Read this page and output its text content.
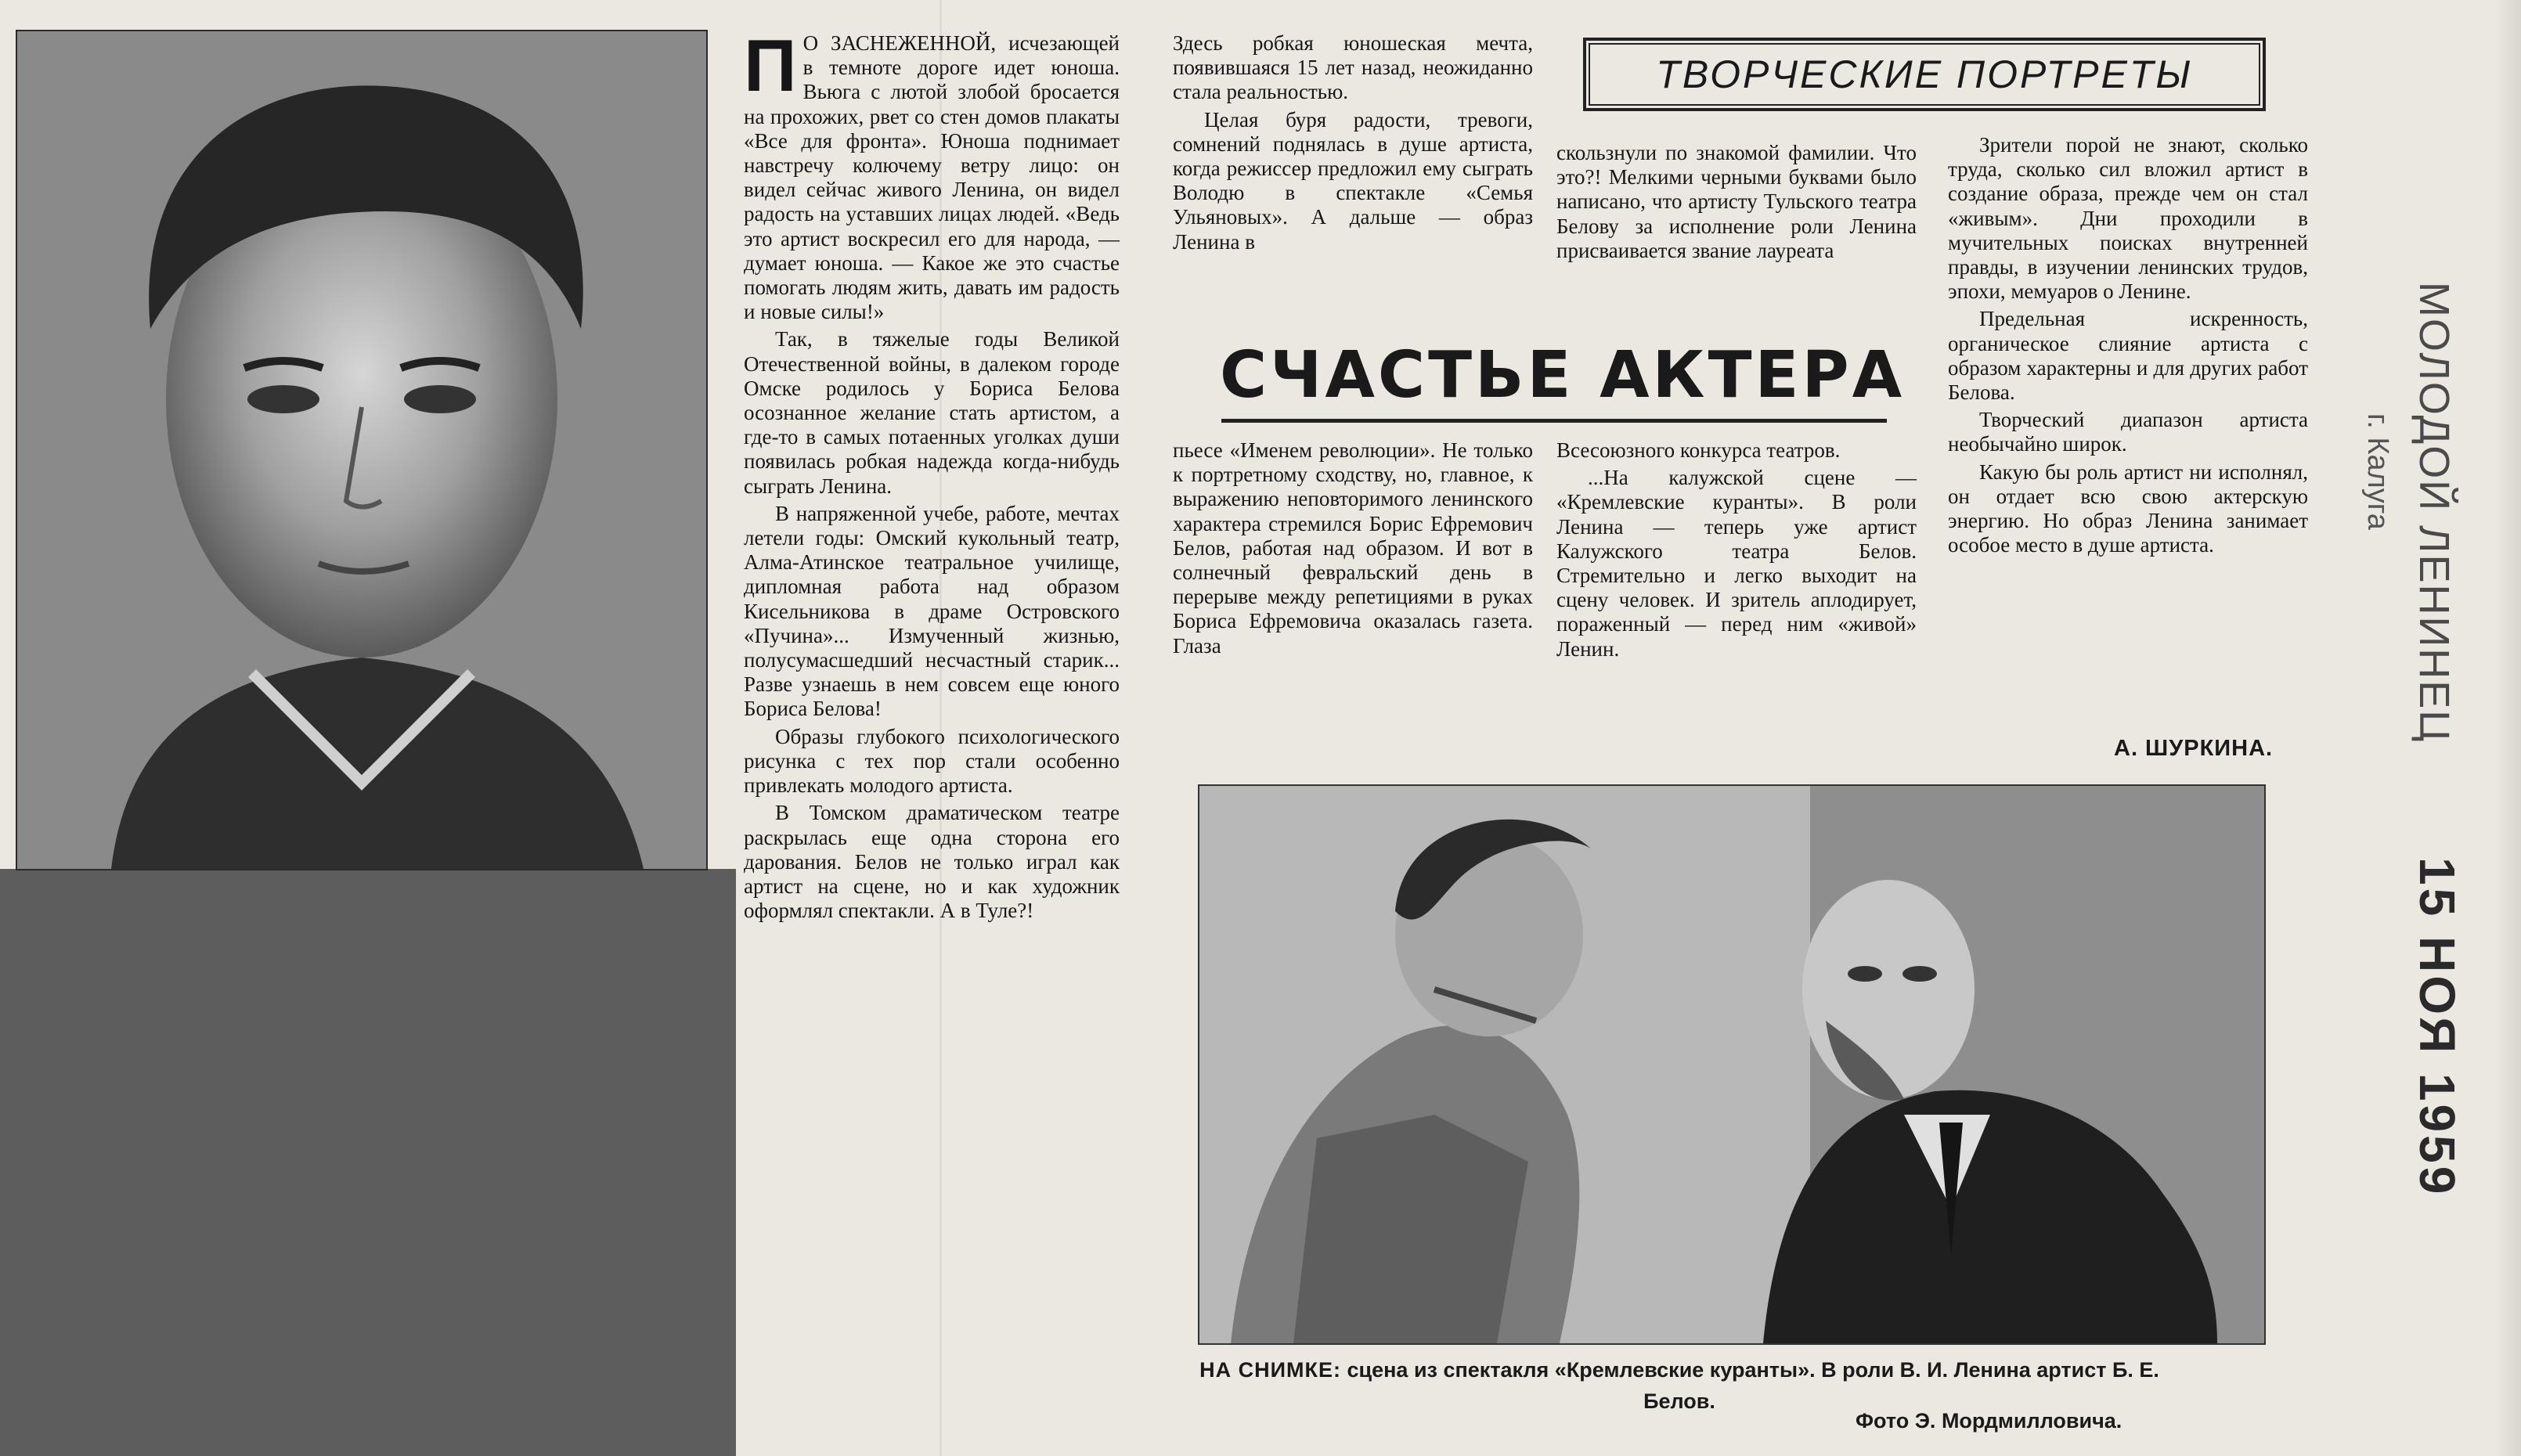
П О ЗАСНЕЖЕННОЙ, исчезающей в темноте дороге идет юноша. Вьюга с лютой злобой бросается на прохожих, рвет со стен домов плакаты «Все для фронта». Юноша поднимает навстречу колючему ветру лицо: он видел сейчас живого Ленина, он видел радость на уставших лицах людей. «Ведь это артист воскресил его для народа, — думает юноша. — Какое же это счастье помогать людям жить, давать им радость и новые силы!»

Так, в тяжелые годы Великой Отечественной войны, в далеком городе Омске родилось у Бориса Белова осознанное желание стать артистом, а где-то в самых потаенных уголках души появилась робкая надежда когда-нибудь сыграть Ленина.

В напряженной учебе, работе, мечтах летели годы: Омский кукольный театр, Алма-Атинское театральное училище, дипломная работа над образом Кисельникова в драме Островского «Пучина»... Измученный жизнью, полусумасшедший несчастный старик... Разве узнаешь в нем совсем еще юного Бориса Белова!

Образы глубокого психологического рисунка с тех пор стали особенно привлекать молодого артиста.

В Томском драматическом театре раскрылась еще одна сторона его дарования. Белов не только играл как артист на сцене, но и как художник оформлял спектакли. А в Туле?!

ТВОРЧЕСКИЕ ПОРТРЕТЫ

Здесь робкая юношеская мечта, появившаяся 15 лет назад, неожиданно стала реальностью.

Целая буря радости, тревоги, сомнений поднялась в душе артиста, когда режиссер предложил ему сыграть Володю в спектакле «Семья Ульяновых». А дальше — образ Ленина в

скользнули по знакомой фамилии. Что это?! Мелкими черными буквами было написано, что артисту Тульского театра Белову за исполнение роли Ленина присваивается звание лауреата

СЧАСТЬЕ АКТЕРА

пьесе «Именем революции». Не только к портретному сходству, но, главное, к выражению неповторимого ленинского характера стремился Борис Ефремович Белов, работая над образом. И вот в солнечный февральский день в перерыве между репетициями в руках Бориса Ефремовича оказалась газета. Глаза

Всесоюзного конкурса театров.

...На калужской сцене — «Кремлевские куранты». В роли Ленина — теперь уже артист Калужского театра Белов. Стремительно и легко выходит на сцену человек. И зритель аплодирует, пораженный — перед ним «живой» Ленин.

Зрители порой не знают, сколько труда, сколько сил вложил артист в создание образа, прежде чем он стал «живым». Дни проходили в мучительных поисках внутренней правды, в изучении ленинских трудов, эпохи, мемуаров о Ленине.

Предельная искренность, органическое слияние артиста с образом характерны и для других работ Белова.

Творческий диапазон артиста необычайно широк.

Какую бы роль артист ни исполнял, он отдает всю свою актерскую энергию. Но образ Ленина занимает особое место в душе артиста.

А. ШУРКИНА.
НА СНИМКЕ: сцена из спектакля «Кремлевские куранты». В роли В. И. Ленина артист Б. Е. Белов.
Фото Э. Мордмилловича.
МОЛОДОЙ ЛЕНИНЕЦ
г. Калуга
15 НОЯ 1959
